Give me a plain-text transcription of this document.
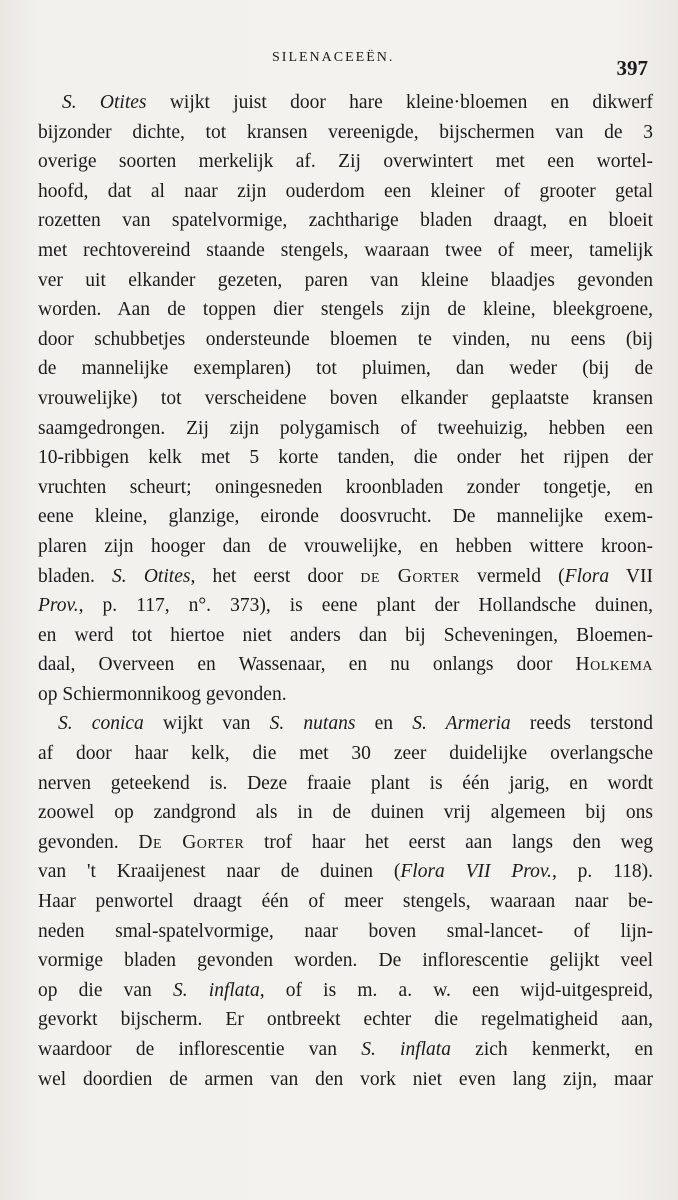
SILENACEEËN.	397
S. Otites wijkt juist door hare kleine·bloemen en dikwerf
bijzonder dichte, tot kransen vereenigde, bijschermen van de 3
overige soorten merkelijk af. Zij overwintert met een wortel-
hoofd, dat al naar zijn ouderdom een kleiner of grooter getal
rozetten van spatelvormige, zachtharige bladen draagt, en bloeit
met rechtovereind staande stengels, waaraan twee of meer, tamelijk
ver uit elkander gezeten, paren van kleine blaadjes gevonden
worden. Aan de toppen dier stengels zijn de kleine, bleekgroene,
door schubbetjes ondersteunde bloemen te vinden, nu eens (bij
de mannelijke exemplaren) tot pluimen, dan weder (bij de
vrouwelijke) tot verscheidene boven elkander geplaatste kransen
saamgedrongen. Zij zijn polygamisch of tweehuizig, hebben een
10-ribbigen kelk met 5 korte tanden, die onder het rijpen der
vruchten scheurt; oningesneden kroonbladen zonder tongetje, en
eene kleine, glanzige, eironde doosvrucht. De mannelijke exem-
plaren zijn hooger dan de vrouwelijke, en hebben wittere kroon-
bladen. S. Otites, het eerst door de Gorter vermeld (Flora VII
Prov., p. 117, n°. 373), is eene plant der Hollandsche duinen,
en werd tot hiertoe niet anders dan bij Scheveningen, Bloemen-
daal, Overveen en Wassenaar, en nu onlangs door Holkema
op Schiermonnikoog gevonden.
S. conica wijkt van S. nutans en S. Armeria reeds terstond
af door haar kelk, die met 30 zeer duidelijke overlangsche
nerven geteekend is. Deze fraaie plant is één jarig, en wordt
zoowel op zandgrond als in de duinen vrij algemeen bij ons
gevonden. De Gorter trof haar het eerst aan langs den weg
van 't Kraaijenest naar de duinen (Flora VII Prov., p. 118).
Haar penwortel draagt één of meer stengels, waaraan naar be-
neden smal-spatelvormige, naar boven smal-lancet- of lijn-
vormige bladen gevonden worden. De inflorescentie gelijkt veel
op die van S. inflata, of is m. a. w. een wijd-uitgespreid,
gevorkt bijscherm. Er ontbreekt echter die regelmatigheid aan,
waardoor de inflorescentie van S. inflata zich kenmerkt, en
wel doordien de armen van den vork niet even lang zijn, maar
